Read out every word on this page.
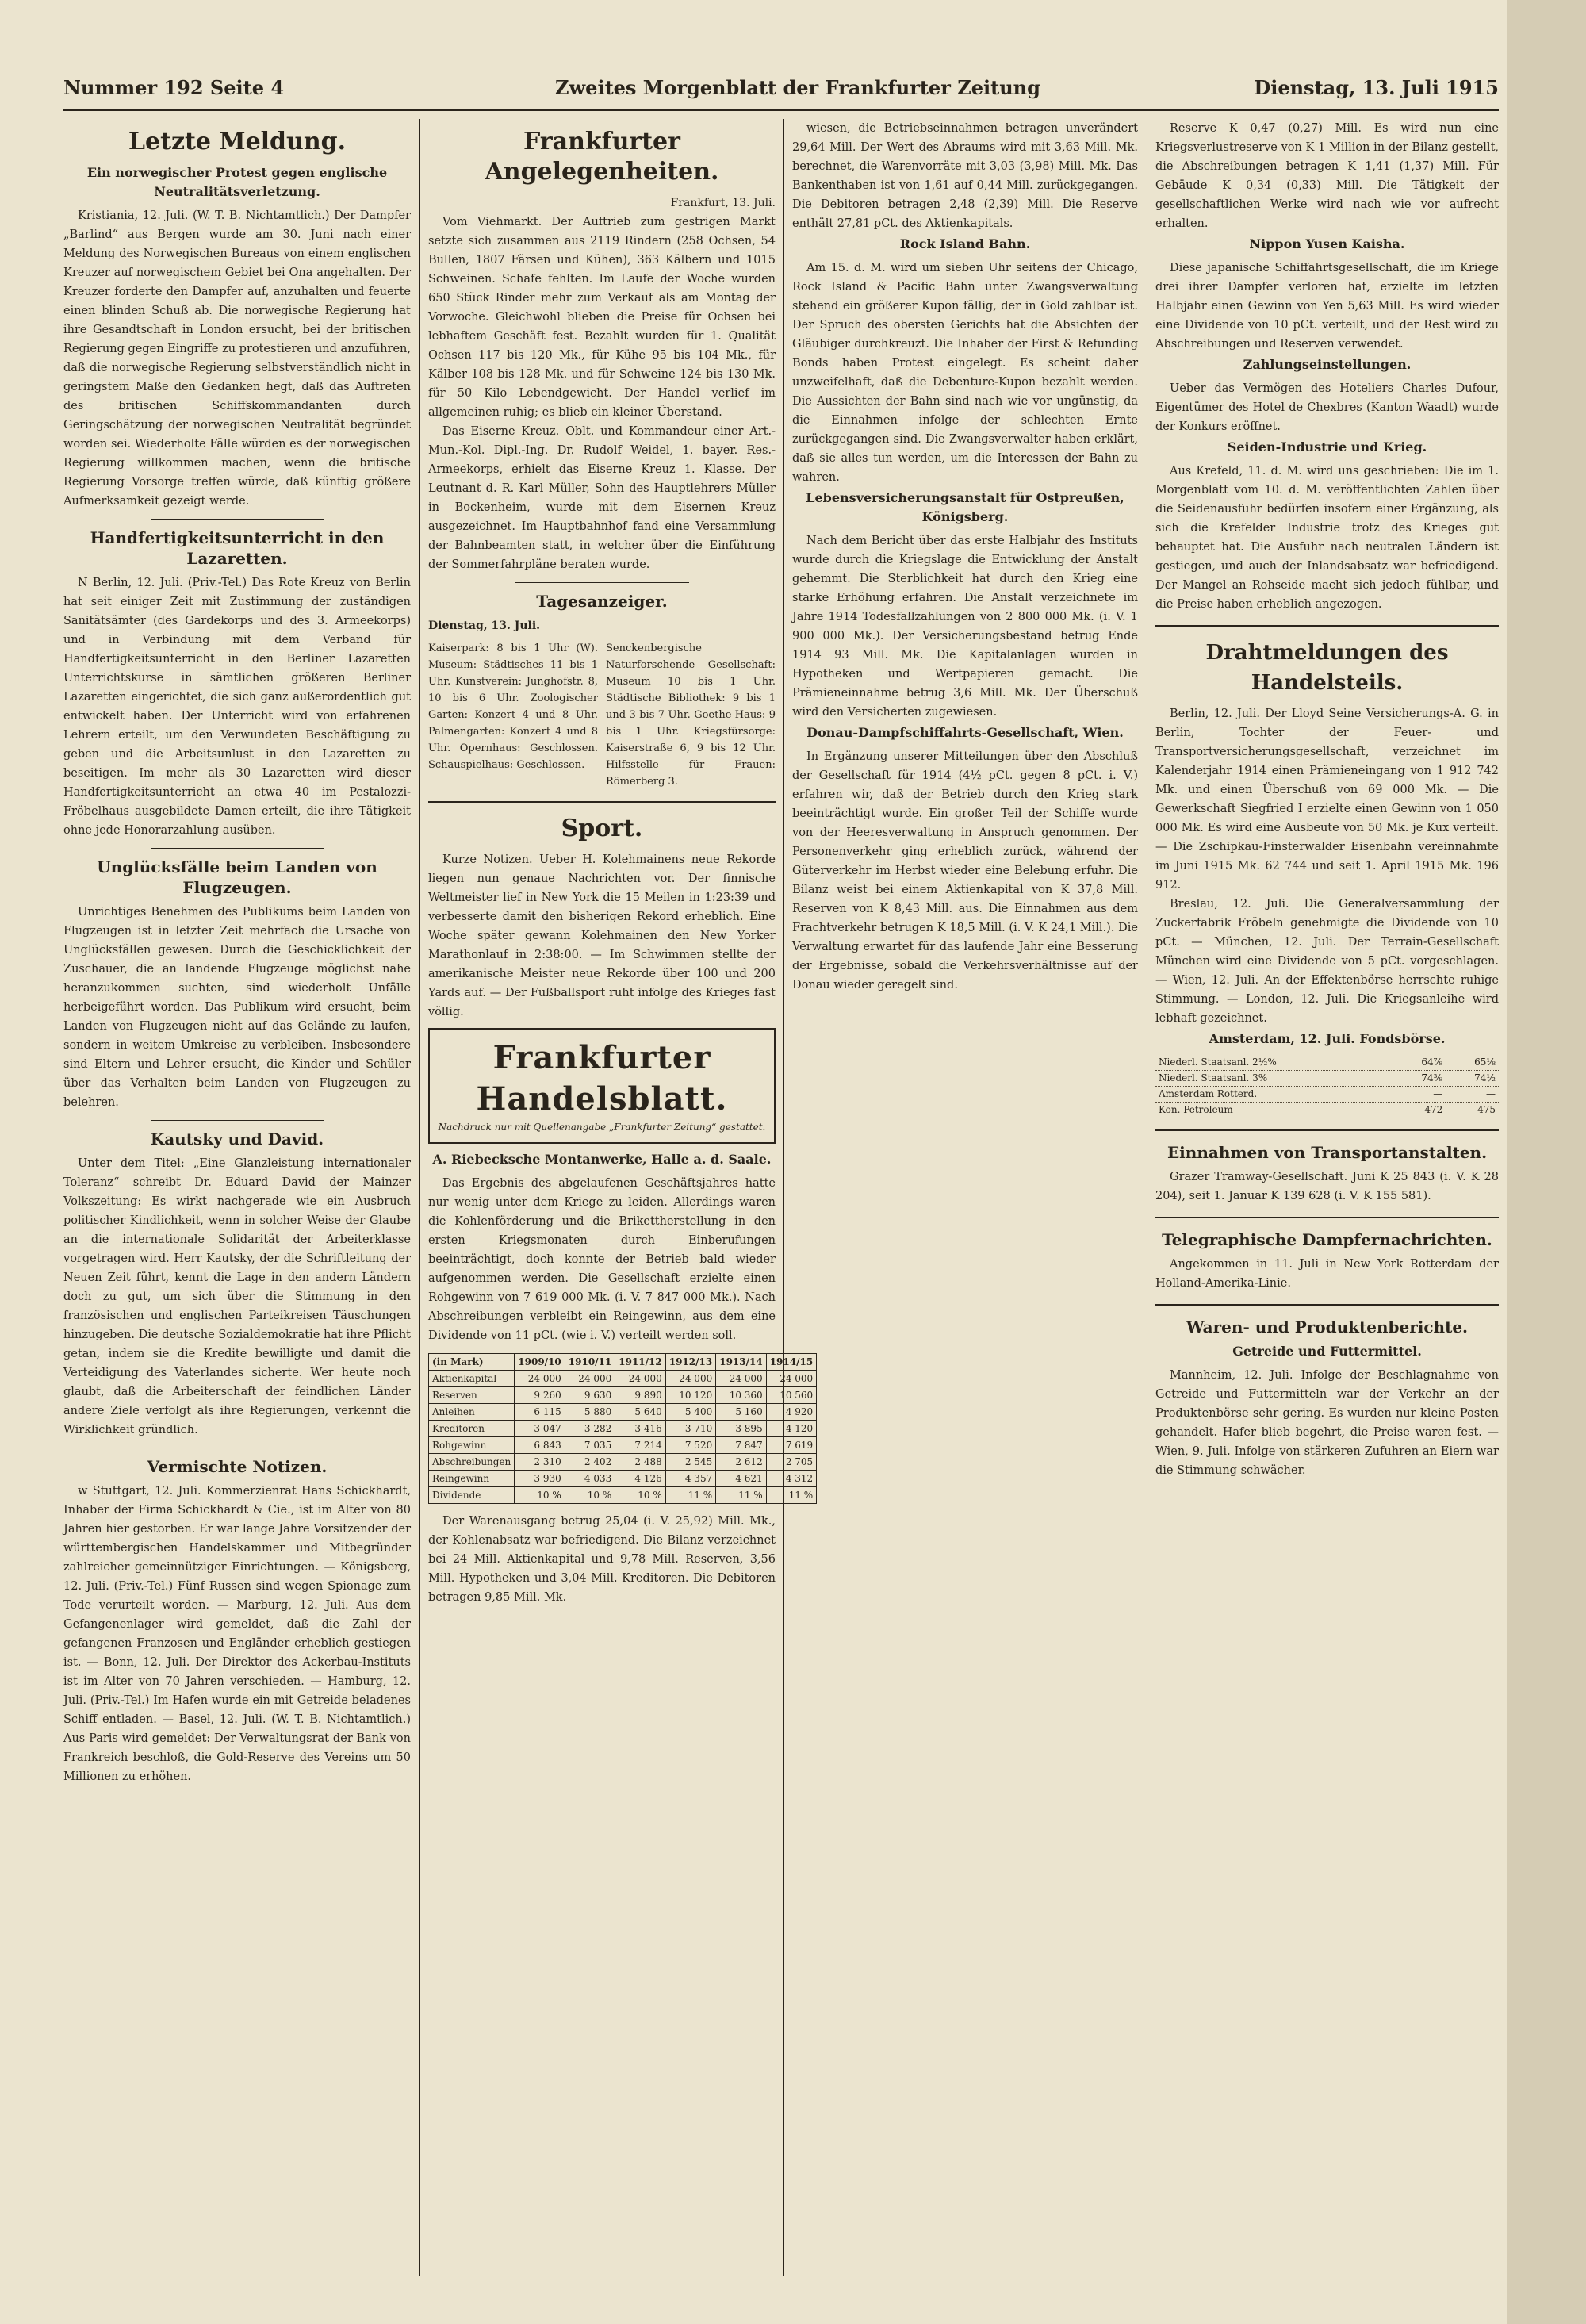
Nummer 192 Seite 4	Zweites Morgenblatt der Frankfurter Zeitung	Dienstag, 13. Juli 1915
Letzte Meldung.
Ein norwegischer Protest gegen englische Neutralitätsverletzung.

Kristiania, 12. Juli. (W. T. B. Nichtamtlich.) Der Dampfer „Barlind“ aus Bergen wurde am 30. Juni nach einer Meldung des Norwegischen Bureaus von einem englischen Kreuzer auf norwegischem Gebiet bei Ona angehalten. Der Kreuzer forderte den Dampfer auf, anzuhalten und feuerte einen blinden Schuß ab. Die norwegische Regierung hat ihre Gesandtschaft in London ersucht, bei der britischen Regierung gegen Eingriffe zu protestieren und anzuführen, daß die norwegische Regierung selbstverständlich nicht in geringstem Maße den Gedanken hegt, daß das Auftreten des britischen Schiffskommandanten durch Geringschätzung der norwegischen Neutralität begründet worden sei. Wiederholte Fälle würden es der norwegischen Regierung willkommen machen, wenn die britische Regierung Vorsorge treffen würde, daß künftig größere Aufmerksamkeit gezeigt werde.

Handfertigkeitsunterricht in den Lazaretten.

N Berlin, 12. Juli. (Priv.-Tel.) Das Rote Kreuz von Berlin hat seit einiger Zeit mit Zustimmung der zuständigen Sanitätsämter (des Gardekorps und des 3. Armeekorps) und in Verbindung mit dem Verband für Handfertigkeitsunterricht in den Berliner Lazaretten Unterrichtskurse in sämtlichen größeren Berliner Lazaretten eingerichtet, die sich ganz außerordentlich gut entwickelt haben. Der Unterricht wird von erfahrenen Lehrern erteilt, um den Verwundeten Beschäftigung zu geben und die Arbeitsunlust in den Lazaretten zu beseitigen. Im mehr als 30 Lazaretten wird dieser Handfertigkeitsunterricht an etwa 40 im Pestalozzi-Fröbelhaus ausgebildete Damen erteilt, die ihre Tätigkeit ohne jede Honorarzahlung ausüben.

Unglücksfälle beim Landen von Flugzeugen.

Unrichtiges Benehmen des Publikums beim Landen von Flugzeugen ist in letzter Zeit mehrfach die Ursache von Unglücksfällen gewesen. Durch die Geschicklichkeit der Zuschauer, die an landende Flugzeuge möglichst nahe heranzukommen suchten, sind wiederholt Unfälle herbeigeführt worden. Das Publikum wird ersucht, beim Landen von Flugzeugen nicht auf das Gelände zu laufen, sondern in weitem Umkreise zu verbleiben. Insbesondere sind Eltern und Lehrer ersucht, die Kinder und Schüler über das Verhalten beim Landen von Flugzeugen zu belehren.

Kautsky und David.

Unter dem Titel: „Eine Glanzleistung internationaler Toleranz“ schreibt Dr. Eduard David der Mainzer Volkszeitung: Es wirkt nachgerade wie ein Ausbruch politischer Kindlichkeit, wenn in solcher Weise der Glaube an die internationale Solidarität der Arbeiterklasse vorgetragen wird. Herr Kautsky, der die Schriftleitung der Neuen Zeit führt, kennt die Lage in den andern Ländern doch zu gut, um sich über die Stimmung in den französischen und englischen Parteikreisen Täuschungen hinzugeben. Die deutsche Sozialdemokratie hat ihre Pflicht getan, indem sie die Kredite bewilligte und damit die Verteidigung des Vaterlandes sicherte. Wer heute noch glaubt, daß die Arbeiterschaft der feindlichen Länder andere Ziele verfolgt als ihre Regierungen, verkennt die Wirklichkeit gründlich.

Vermischte Notizen.

w Stuttgart, 12. Juli. Kommerzienrat Hans Schickhardt, Inhaber der Firma Schickhardt & Cie., ist im Alter von 80 Jahren hier gestorben. Er war lange Jahre Vorsitzender der württembergischen Handelskammer und Mitbegründer zahlreicher gemeinnütziger Einrichtungen. — Königsberg, 12. Juli. (Priv.-Tel.) Fünf Russen sind wegen Spionage zum Tode verurteilt worden. — Marburg, 12. Juli. Aus dem Gefangenenlager wird gemeldet, daß die Zahl der gefangenen Franzosen und Engländer erheblich gestiegen ist. — Bonn, 12. Juli. Der Direktor des Ackerbau-Instituts ist im Alter von 70 Jahren verschieden. — Hamburg, 12. Juli. (Priv.-Tel.) Im Hafen wurde ein mit Getreide beladenes Schiff entladen. — Basel, 12. Juli. (W. T. B. Nichtamtlich.) Aus Paris wird gemeldet: Der Verwaltungsrat der Bank von Frankreich beschloß, die Gold-Reserve des Vereins um 50 Millionen zu erhöhen.

Frankfurter Angelegenheiten.
Frankfurt, 13. Juli.

Vom Viehmarkt. Der Auftrieb zum gestrigen Markt setzte sich zusammen aus 2119 Rindern (258 Ochsen, 54 Bullen, 1807 Färsen und Kühen), 363 Kälbern und 1015 Schweinen. Schafe fehlten. Im Laufe der Woche wurden 650 Stück Rinder mehr zum Verkauf als am Montag der Vorwoche. Gleichwohl blieben die Preise für Ochsen bei lebhaftem Geschäft fest. Bezahlt wurden für 1. Qualität Ochsen 117 bis 120 Mk., für Kühe 95 bis 104 Mk., für Kälber 108 bis 128 Mk. und für Schweine 124 bis 130 Mk. für 50 Kilo Lebendgewicht. Der Handel verlief im allgemeinen ruhig; es blieb ein kleiner Überstand.

Das Eiserne Kreuz. Oblt. und Kommandeur einer Art.-Mun.-Kol. Dipl.-Ing. Dr. Rudolf Weidel, 1. bayer. Res.-Armeekorps, erhielt das Eiserne Kreuz 1. Klasse. Der Leutnant d. R. Karl Müller, Sohn des Hauptlehrers Müller in Bockenheim, wurde mit dem Eisernen Kreuz ausgezeichnet. Im Hauptbahnhof fand eine Versammlung der Bahnbeamten statt, in welcher über die Einführung der Sommerfahrpläne beraten wurde.

Tagesanzeiger.
Dienstag, 13. Juli.
Kaiserpark: 8 bis 1 Uhr (W). Museum: Städtisches 11 bis 1 Uhr. Kunstverein: Junghofstr. 8, 10 bis 6 Uhr. Zoologischer Garten: Konzert 4 und 8 Uhr. Palmengarten: Konzert 4 und 8 Uhr. Opernhaus: Geschlossen. Schauspielhaus: Geschlossen.
Senckenbergische Naturforschende Gesellschaft: Museum 10 bis 1 Uhr. Städtische Bibliothek: 9 bis 1 und 3 bis 7 Uhr. Goethe-Haus: 9 bis 1 Uhr. Kriegsfürsorge: Kaiserstraße 6, 9 bis 12 Uhr. Hilfsstelle für Frauen: Römerberg 3.
Sport.

Kurze Notizen. Ueber H. Kolehmainens neue Rekorde liegen nun genaue Nachrichten vor. Der finnische Weltmeister lief in New York die 15 Meilen in 1:23:39 und verbesserte damit den bisherigen Rekord erheblich. Eine Woche später gewann Kolehmainen den New Yorker Marathonlauf in 2:38:00. — Im Schwimmen stellte der amerikanische Meister neue Rekorde über 100 und 200 Yards auf. — Der Fußballsport ruht infolge des Krieges fast völlig.

Frankfurter Handelsblatt.
Nachdruck nur mit Quellenangabe „Frankfurter Zeitung“ gestattet.
A. Riebecksche Montanwerke, Halle a. d. Saale.

Das Ergebnis des abgelaufenen Geschäftsjahres hatte nur wenig unter dem Kriege zu leiden. Allerdings waren die Kohlenförderung und die Brikettherstellung in den ersten Kriegsmonaten durch Einberufungen beeinträchtigt, doch konnte der Betrieb bald wieder aufgenommen werden. Die Gesellschaft erzielte einen Rohgewinn von 7 619 000 Mk. (i. V. 7 847 000 Mk.). Nach Abschreibungen verbleibt ein Reingewinn, aus dem eine Dividende von 11 pCt. (wie i. V.) verteilt werden soll.

(in Mark)	1909/10	1910/11	1911/12	1912/13	1913/14	1914/15
Aktienkapital	24 000	24 000	24 000	24 000	24 000	24 000
Reserven	9 260	9 630	9 890	10 120	10 360	10 560
Anleihen	6 115	5 880	5 640	5 400	5 160	4 920
Kreditoren	3 047	3 282	3 416	3 710	3 895	4 120
Rohgewinn	6 843	7 035	7 214	7 520	7 847	7 619
Abschreibungen	2 310	2 402	2 488	2 545	2 612	2 705
Reingewinn	3 930	4 033	4 126	4 357	4 621	4 312
Dividende	10 %	10 %	10 %	11 %	11 %	11 %

Der Warenausgang betrug 25,04 (i. V. 25,92) Mill. Mk., der Kohlenabsatz war befriedigend. Die Bilanz verzeichnet bei 24 Mill. Aktienkapital und 9,78 Mill. Reserven, 3,56 Mill. Hypotheken und 3,04 Mill. Kreditoren. Die Debitoren betragen 9,85 Mill. Mk.

wiesen, die Betriebseinnahmen betragen unverändert 29,64 Mill. Der Wert des Abraums wird mit 3,63 Mill. Mk. berechnet, die Warenvorräte mit 3,03 (3,98) Mill. Mk. Das Bankenthaben ist von 1,61 auf 0,44 Mill. zurückgegangen. Die Debitoren betragen 2,48 (2,39) Mill. Die Reserve enthält 27,81 pCt. des Aktienkapitals.

Rock Island Bahn.

Am 15. d. M. wird um sieben Uhr seitens der Chicago, Rock Island & Pacific Bahn unter Zwangsverwaltung stehend ein größerer Kupon fällig, der in Gold zahlbar ist. Der Spruch des obersten Gerichts hat die Absichten der Gläubiger durchkreuzt. Die Inhaber der First & Refunding Bonds haben Protest eingelegt. Es scheint daher unzweifelhaft, daß die Debenture-Kupon bezahlt werden. Die Aussichten der Bahn sind nach wie vor ungünstig, da die Einnahmen infolge der schlechten Ernte zurückgegangen sind. Die Zwangsverwalter haben erklärt, daß sie alles tun werden, um die Interessen der Bahn zu wahren.

Lebensversicherungsanstalt für Ostpreußen, Königsberg.

Nach dem Bericht über das erste Halbjahr des Instituts wurde durch die Kriegslage die Entwicklung der Anstalt gehemmt. Die Sterblichkeit hat durch den Krieg eine starke Erhöhung erfahren. Die Anstalt verzeichnete im Jahre 1914 Todesfallzahlungen von 2 800 000 Mk. (i. V. 1 900 000 Mk.). Der Versicherungsbestand betrug Ende 1914 93 Mill. Mk. Die Kapitalanlagen wurden in Hypotheken und Wertpapieren gemacht. Die Prämieneinnahme betrug 3,6 Mill. Mk. Der Überschuß wird den Versicherten zugewiesen.

Donau-Dampfschiffahrts-Gesellschaft, Wien.

In Ergänzung unserer Mitteilungen über den Abschluß der Gesellschaft für 1914 (4½ pCt. gegen 8 pCt. i. V.) erfahren wir, daß der Betrieb durch den Krieg stark beeinträchtigt wurde. Ein großer Teil der Schiffe wurde von der Heeresverwaltung in Anspruch genommen. Der Personenverkehr ging erheblich zurück, während der Güterverkehr im Herbst wieder eine Belebung erfuhr. Die Bilanz weist bei einem Aktienkapital von K 37,8 Mill. Reserven von K 8,43 Mill. aus. Die Einnahmen aus dem Frachtverkehr betrugen K 18,5 Mill. (i. V. K 24,1 Mill.). Die Verwaltung erwartet für das laufende Jahr eine Besserung der Ergebnisse, sobald die Verkehrsverhältnisse auf der Donau wieder geregelt sind.

Reserve K 0,47 (0,27) Mill. Es wird nun eine Kriegsverlustreserve von K 1 Million in der Bilanz gestellt, die Abschreibungen betragen K 1,41 (1,37) Mill. Für Gebäude K 0,34 (0,33) Mill. Die Tätigkeit der gesellschaftlichen Werke wird nach wie vor aufrecht erhalten.

Nippon Yusen Kaisha.

Diese japanische Schiffahrtsgesellschaft, die im Kriege drei ihrer Dampfer verloren hat, erzielte im letzten Halbjahr einen Gewinn von Yen 5,63 Mill. Es wird wieder eine Dividende von 10 pCt. verteilt, und der Rest wird zu Abschreibungen und Reserven verwendet.

Zahlungseinstellungen.

Ueber das Vermögen des Hoteliers Charles Dufour, Eigentümer des Hotel de Chexbres (Kanton Waadt) wurde der Konkurs eröffnet.

Seiden-Industrie und Krieg.

Aus Krefeld, 11. d. M. wird uns geschrieben: Die im 1. Morgenblatt vom 10. d. M. veröffentlichten Zahlen über die Seidenausfuhr bedürfen insofern einer Ergänzung, als sich die Krefelder Industrie trotz des Krieges gut behauptet hat. Die Ausfuhr nach neutralen Ländern ist gestiegen, und auch der Inlandsabsatz war befriedigend. Der Mangel an Rohseide macht sich jedoch fühlbar, und die Preise haben erheblich angezogen.

Drahtmeldungen des Handelsteils.

Berlin, 12. Juli. Der Lloyd Seine Versicherungs-A. G. in Berlin, Tochter der Feuer- und Transportversicherungsgesellschaft, verzeichnet im Kalenderjahr 1914 einen Prämieneingang von 1 912 742 Mk. und einen Überschuß von 69 000 Mk. — Die Gewerkschaft Siegfried I erzielte einen Gewinn von 1 050 000 Mk. Es wird eine Ausbeute von 50 Mk. je Kux verteilt. — Die Zschipkau-Finsterwalder Eisenbahn vereinnahmte im Juni 1915 Mk. 62 744 und seit 1. April 1915 Mk. 196 912.

Breslau, 12. Juli. Die Generalversammlung der Zuckerfabrik Fröbeln genehmigte die Dividende von 10 pCt. — München, 12. Juli. Der Terrain-Gesellschaft München wird eine Dividende von 5 pCt. vorgeschlagen. — Wien, 12. Juli. An der Effektenbörse herrschte ruhige Stimmung. — London, 12. Juli. Die Kriegsanleihe wird lebhaft gezeichnet.

Amsterdam, 12. Juli. Fondsbörse.
Niederl. Staatsanl. 2½%	64⅞	65⅛
Niederl. Staatsanl. 3%	74⅜	74½
Amsterdam Rotterd.	—	—
Kon. Petroleum	472	475
Einnahmen von Transportanstalten.

Grazer Tramway-Gesellschaft. Juni K 25 843 (i. V. K 28 204), seit 1. Januar K 139 628 (i. V. K 155 581).

Telegraphische Dampfernachrichten.

Angekommen in 11. Juli in New York Rotterdam der Holland-Amerika-Linie.

Waren- und Produktenberichte.
Getreide und Futtermittel.

Mannheim, 12. Juli. Infolge der Beschlagnahme von Getreide und Futtermitteln war der Verkehr an der Produktenbörse sehr gering. Es wurden nur kleine Posten gehandelt. Hafer blieb begehrt, die Preise waren fest. — Wien, 9. Juli. Infolge von stärkeren Zufuhren an Eiern war die Stimmung schwächer.
